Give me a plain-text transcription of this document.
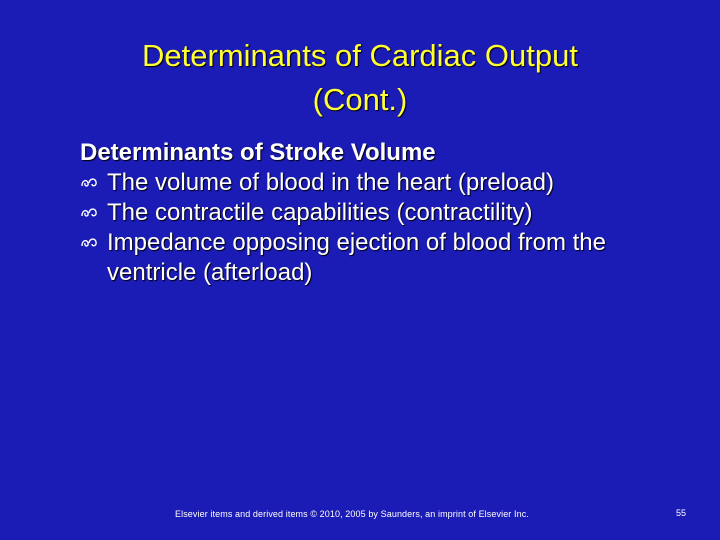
Determinants of Cardiac Output
(Cont.)

Determinants of Stroke Volume

The volume of blood in the heart (preload)
The contractile capabilities (contractility)
Impedance opposing ejection of blood from the ventricle (afterload)
Elsevier items and derived items © 2010, 2005 by Saunders, an imprint of Elsevier Inc.	55
